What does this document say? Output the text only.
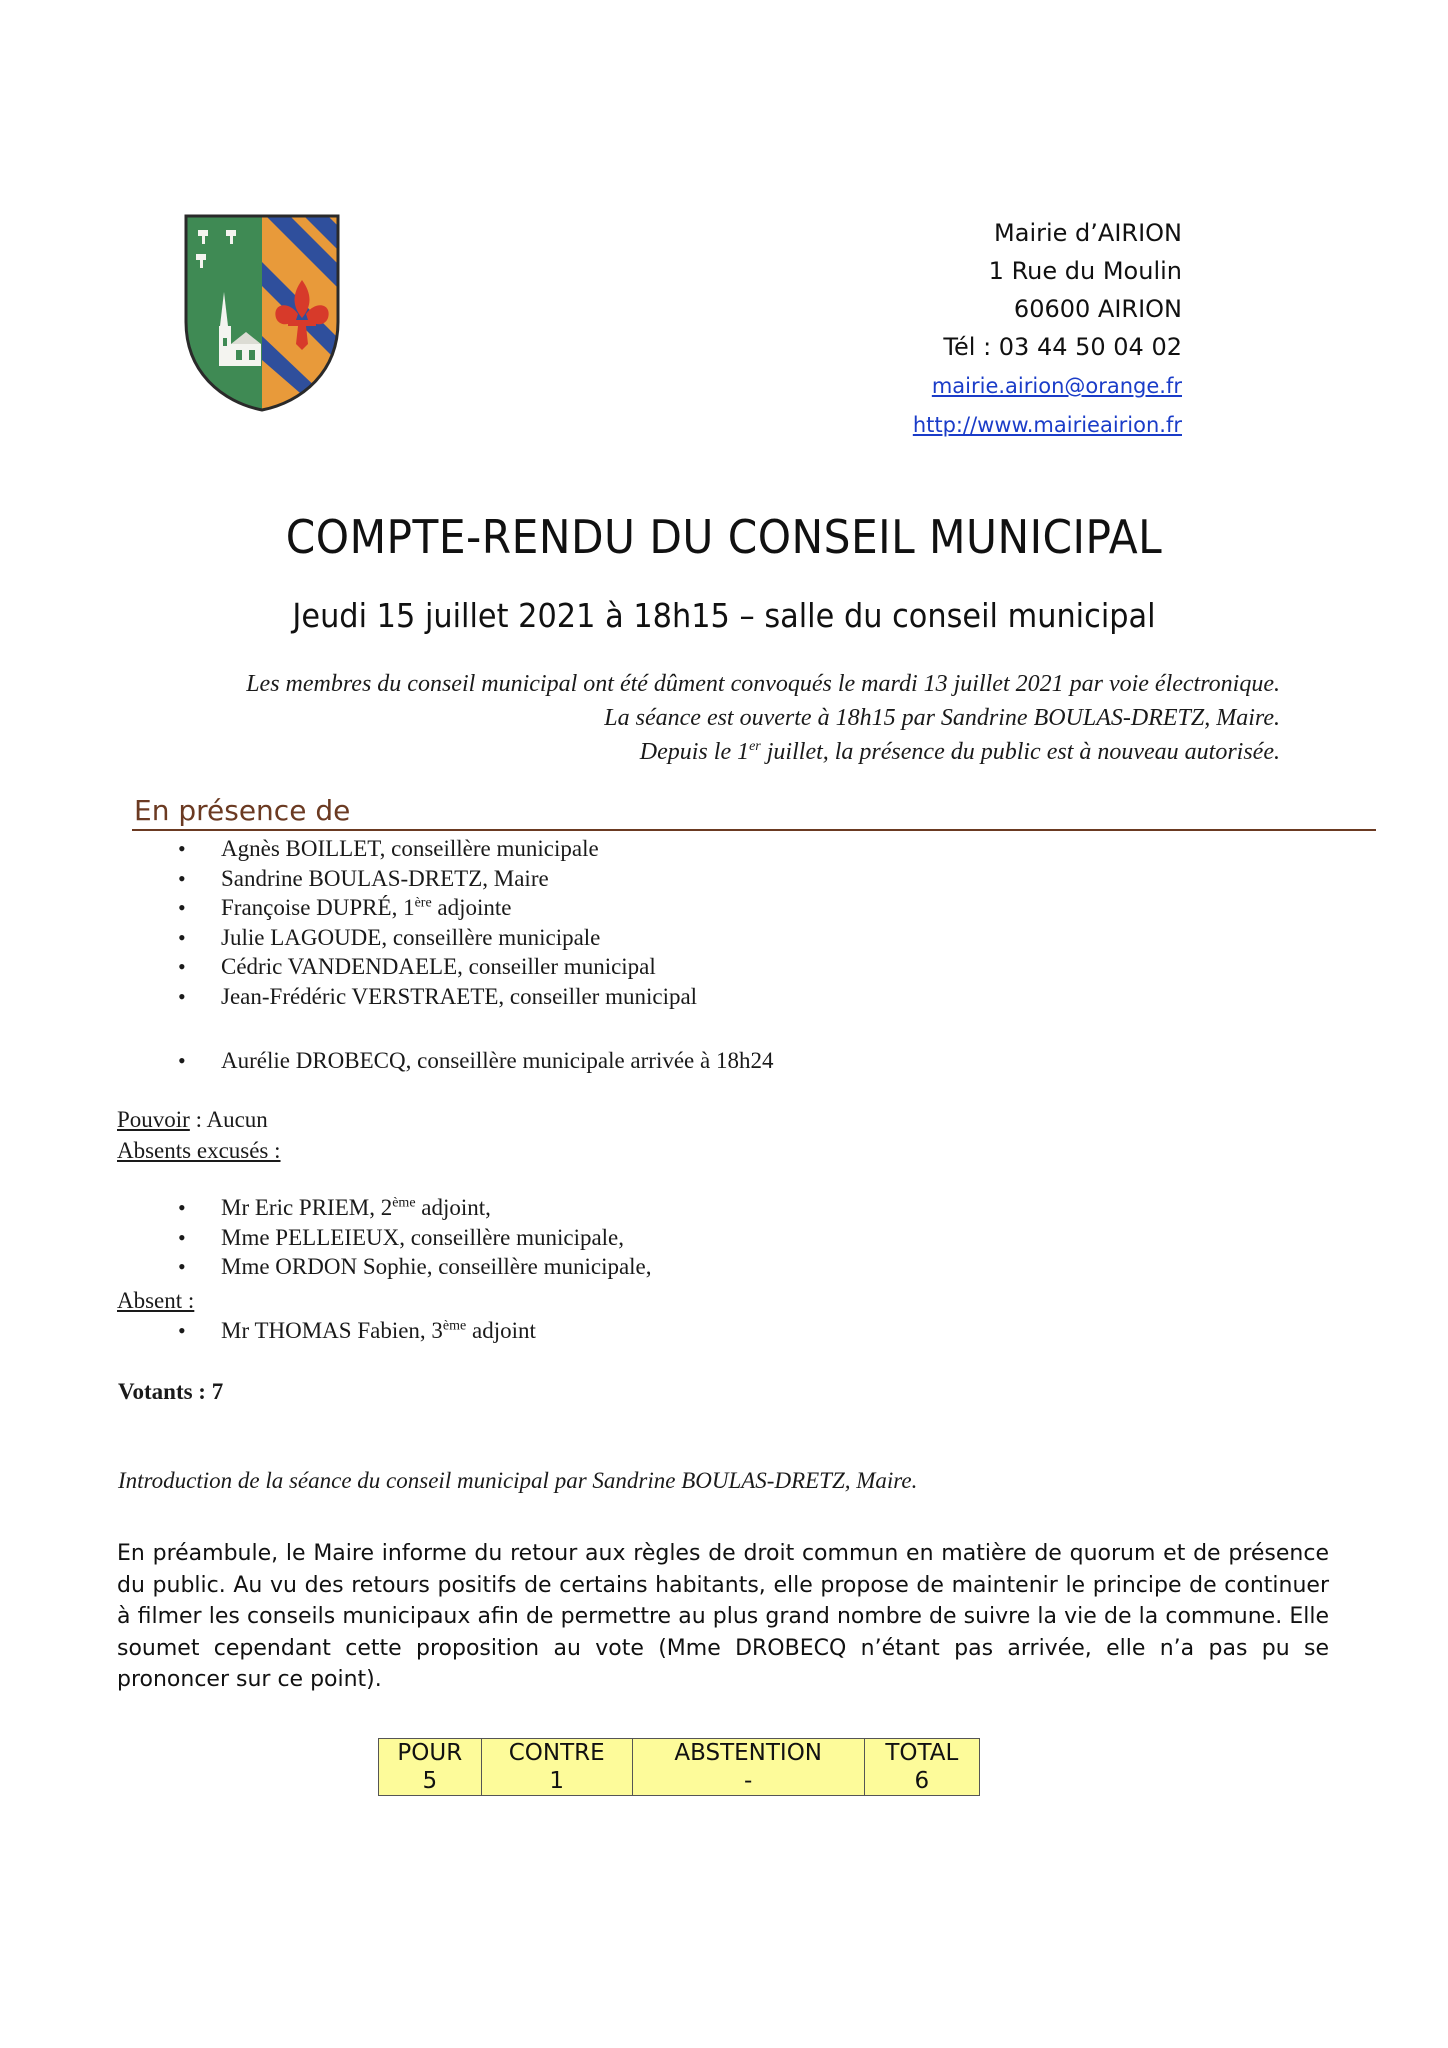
Mairie d’AIRION
1 Rue du Moulin
60600 AIRION
Tél : 03 44 50 04 02
mairie.airion@orange.fr
http://www.mairieairion.fr
COMPTE-RENDU DU CONSEIL MUNICIPAL
Jeudi 15 juillet 2021 à 18h15 – salle du conseil municipal
Les membres du conseil municipal ont été dûment convoqués le mardi 13 juillet 2021 par voie électronique.
La séance est ouverte à 18h15 par Sandrine BOULAS-DRETZ, Maire.
Depuis le 1er juillet, la présence du public est à nouveau autorisée.
En présence de
• Agnès BOILLET, conseillère municipale
• Sandrine BOULAS-DRETZ, Maire
• Françoise DUPRÉ, 1ère adjointe
• Julie LAGOUDE, conseillère municipale
• Cédric VANDENDAELE, conseiller municipal
• Jean-Frédéric VERSTRAETE, conseiller municipal
• Aurélie DROBECQ, conseillère municipale arrivée à 18h24
Pouvoir : Aucun
Absents excusés :
• Mr Eric PRIEM, 2ème adjoint,
• Mme PELLEIEUX, conseillère municipale,
• Mme ORDON Sophie, conseillère municipale,
Absent :
• Mr THOMAS Fabien, 3ème adjoint
Votants : 7
Introduction de la séance du conseil municipal par Sandrine BOULAS-DRETZ, Maire.
En préambule, le Maire informe du retour aux règles de droit commun en matière de quorum et de présence du public. Au vu des retours positifs de certains habitants, elle propose de maintenir le principe de continuer à filmer les conseils municipaux afin de permettre au plus grand nombre de suivre la vie de la commune. Elle soumet cependant cette proposition au vote (Mme DROBECQ n’étant pas arrivée, elle n’a pas pu se prononcer sur ce point).
POUR	CONTRE	ABSTENTION	TOTAL
5	1	-	6
